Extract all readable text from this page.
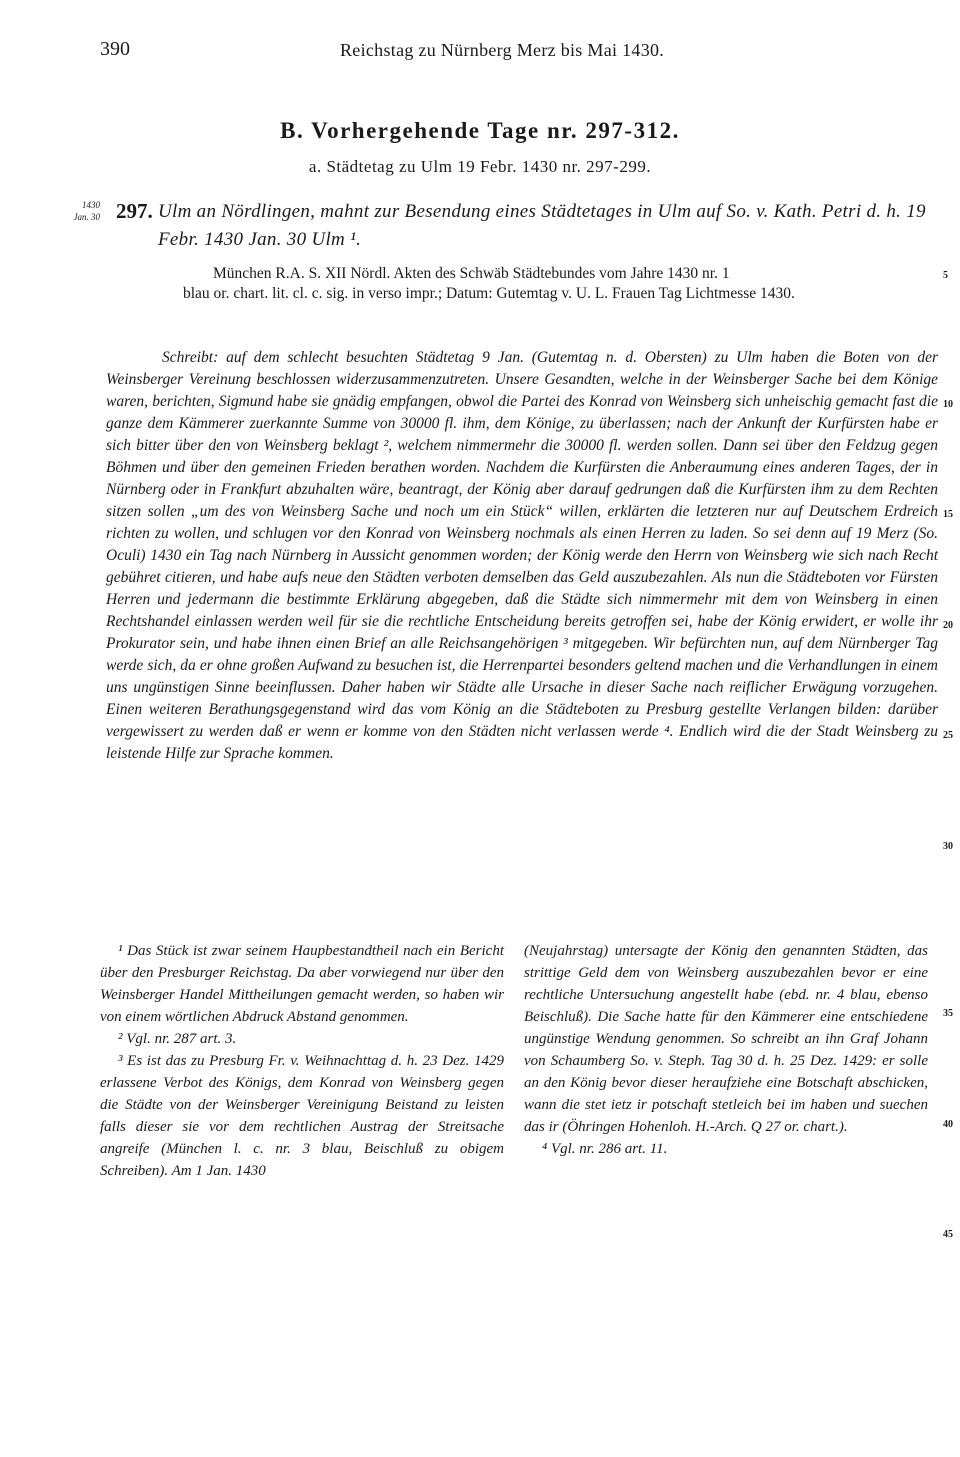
390	Reichstag zu Nürnberg Merz bis Mai 1430.
B. Vorhergehende Tage nr. 297-312.
a. Städtetag zu Ulm 19 Febr. 1430 nr. 297-299.
1430
Jan. 30 297. Ulm an Nördlingen, mahnt zur Besendung eines Städtetages in Ulm auf So. v. Kath. Petri d. h. 19 Febr. 1430 Jan. 30 Ulm ¹.
München R.A. S. XII Nördl. Akten des Schwäb Städtebundes vom Jahre 1430 nr. 1
blau or. chart. lit. cl. c. sig. in verso impr.; Datum: Gutemtag v. U. L. Frauen Tag Lichtmesse 1430.
Schreibt: auf dem schlecht besuchten Städtetag 9 Jan. (Gutemtag n. d. Obersten) zu Ulm haben die Boten von der Weinsberger Vereinung beschlossen widerzusammenzutreten. Unsere Gesandten, welche in der Weinsberger Sache bei dem Könige waren, berichten, Sigmund habe sie gnädig empfangen, obwol die Partei des Konrad von Weinsberg sich unheischig gemacht fast die ganze dem Kämmerer zuerkannte Summe von 30000 fl. ihm, dem Könige, zu überlassen; nach der Ankunft der Kurfürsten habe er sich bitter über den von Weinsberg beklagt ², welchem nimmermehr die 30000 fl. werden sollen. Dann sei über den Feldzug gegen Böhmen und über den gemeinen Frieden berathen worden. Nachdem die Kurfürsten die Anberaumung eines anderen Tages, der in Nürnberg oder in Frankfurt abzuhalten wäre, beantragt, der König aber darauf gedrungen daß die Kurfürsten ihm zu dem Rechten sitzen sollen „um des von Weinsberg Sache und noch um ein Stück“ willen, erklärten die letzteren nur auf Deutschem Erdreich richten zu wollen, und schlugen vor den Konrad von Weinsberg nochmals als einen Herren zu laden. So sei denn auf 19 Merz (So. Oculi) 1430 ein Tag nach Nürnberg in Aussicht genommen worden; der König werde den Herrn von Weinsberg wie sich nach Recht gebühret citieren, und habe aufs neue den Städten verboten demselben das Geld auszubezahlen. Als nun die Städteboten vor Fürsten Herren und jedermann die bestimmte Erklärung abgegeben, daß die Städte sich nimmermehr mit dem von Weinsberg in einen Rechtshandel einlassen werden weil für sie die rechtliche Entscheidung bereits getroffen sei, habe der König erwidert, er wolle ihr Prokurator sein, und habe ihnen einen Brief an alle Reichsangehörigen ³ mitgegeben. Wir befürchten nun, auf dem Nürnberger Tag werde sich, da er ohne großen Aufwand zu besuchen ist, die Herrenpartei besonders geltend machen und die Verhandlungen in einem uns ungünstigen Sinne beeinflussen. Daher haben wir Städte alle Ursache in dieser Sache nach reiflicher Erwägung vorzugehen. Einen weiteren Berathungsgegenstand wird das vom König an die Städteboten zu Presburg gestellte Verlangen bilden: darüber vergewissert zu werden daß er wenn er komme von den Städten nicht verlassen werde ⁴. Endlich wird die der Stadt Weinsberg zu leistende Hilfe zur Sprache kommen.
5
10
15
20
25
30
35
40
45

¹ Das Stück ist zwar seinem Haupbestandtheil nach ein Bericht über den Presburger Reichstag. Da aber vorwiegend nur über den Weinsberger Handel Mittheilungen gemacht werden, so haben wir von einem wörtlichen Abdruck Abstand genommen.

² Vgl. nr. 287 art. 3.

³ Es ist das zu Presburg Fr. v. Weihnachttag d. h. 23 Dez. 1429 erlassene Verbot des Königs, dem Konrad von Weinsberg gegen die Städte von der Weinsberger Vereinigung Beistand zu leisten falls dieser sie vor dem rechtlichen Austrag der Streitsache angreife (München l. c. nr. 3 blau, Beischluß zu obigem Schreiben). Am 1 Jan. 1430

(Neujahrstag) untersagte der König den genannten Städten, das strittige Geld dem von Weinsberg auszubezahlen bevor er eine rechtliche Untersuchung angestellt habe (ebd. nr. 4 blau, ebenso Beischluß). Die Sache hatte für den Kämmerer eine entschiedene ungünstige Wendung genommen. So schreibt an ihn Graf Johann von Schaumberg So. v. Steph. Tag 30 d. h. 25 Dez. 1429: er solle an den König bevor dieser heraufziehe eine Botschaft abschicken, wann die stet ietz ir potschaft stetleich bei im haben und suechen das ir (Öhringen Hohenloh. H.-Arch. Q 27 or. chart.).

⁴ Vgl. nr. 286 art. 11.
